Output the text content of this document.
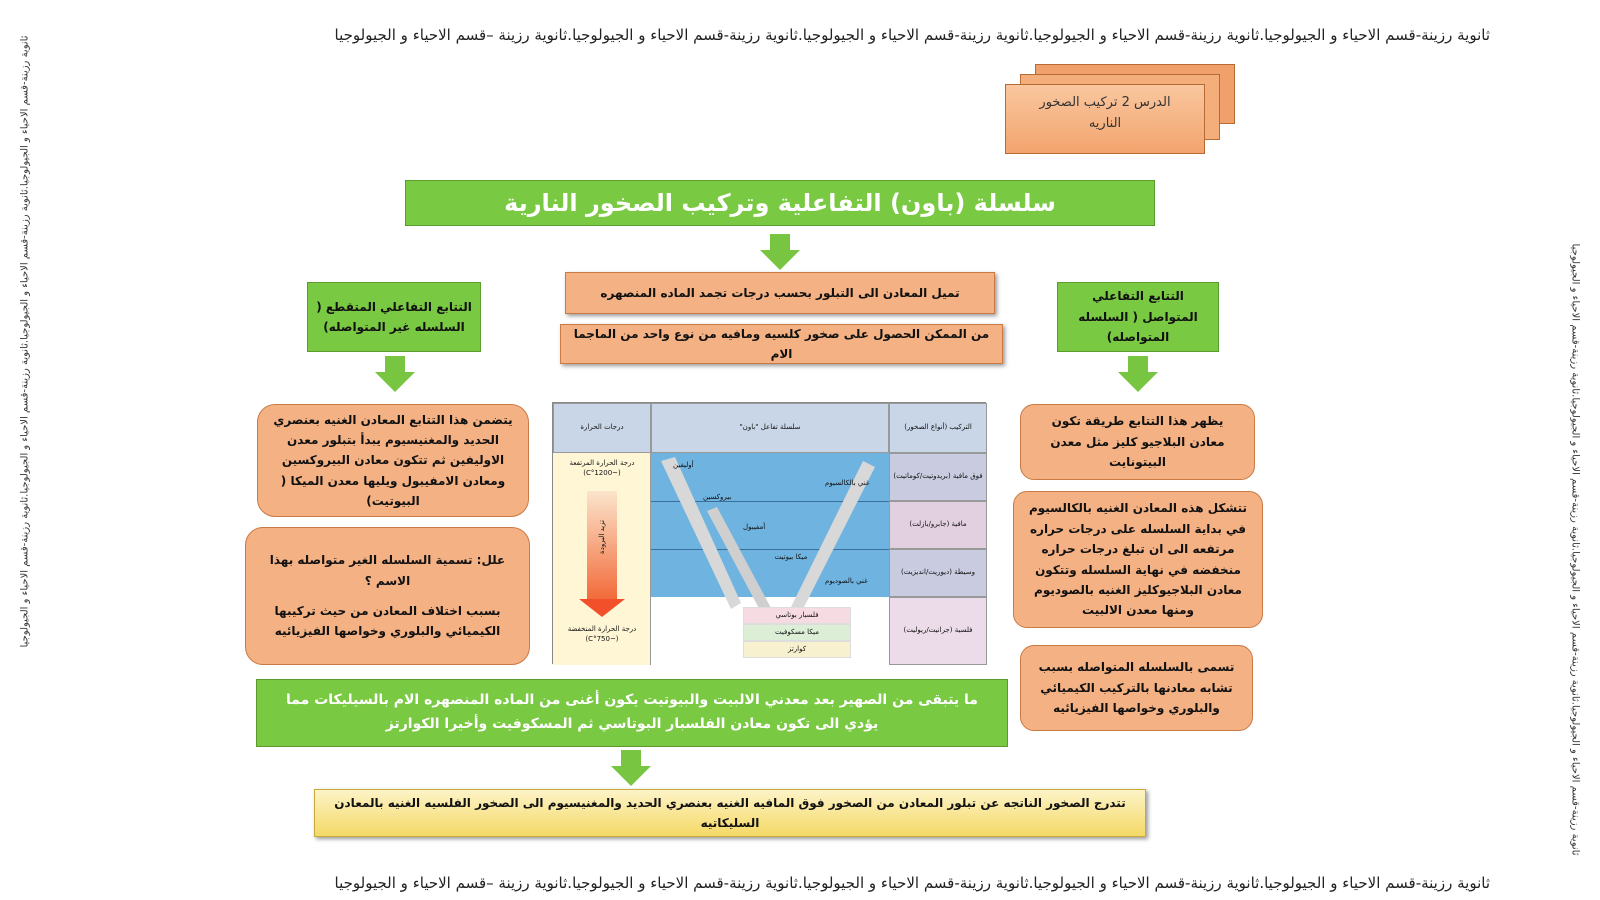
ثانوية رزينة-قسم الاحياء و الجيولوجيا.ثانوية رزينة-قسم الاحياء و الجيولوجيا.ثانوية رزينة-قسم الاحياء و الجيولوجيا.ثانوية رزينة-قسم الاحياء و الجيولوجيا.ثانوية رزينة –قسم الاحياء و الجيولوجيا
ثانوية رزينة-قسم الاحياء و الجيولوجيا.ثانوية رزينة-قسم الاحياء و الجيولوجيا.ثانوية رزينة-قسم الاحياء و الجيولوجيا.ثانوية رزينة-قسم الاحياء و الجيولوجيا.ثانوية رزينة –قسم الاحياء و الجيولوجيا
ثانوية رزينة-قسم الاحياء و الجيولوجيا.ثانوية رزينة-قسم الاحياء و الجيولوجيا.ثانوية رزينة-قسم الاحياء و الجيولوجيا.ثانوية رزينة-قسم الاحياء و الجيولوجيا	ثانوية رزينة-قسم الاحياء و الجيولوجيا.ثانوية رزينة-قسم الاحياء و الجيولوجيا.ثانوية رزينة-قسم الاحياء و الجيولوجيا.ثانوية رزينة-قسم الاحياء و الجيولوجيا
الدرس 2 تركيب الصخور
الناريه
سلسلة (باون) التفاعلية وتركيب الصخور النارية
تميل المعادن الى التبلور بحسب درجات تجمد الماده المنصهره
من الممكن الحصول على صخور كلسيه ومافيه من نوع واحد من الماجما الام
التتابع التفاعلي المتقطع ( السلسله غير المتواصله)
التتابع التفاعلي المتواصل ( السلسله المتواصله)
يتضمن هذا التتابع المعادن الغنيه بعنصري الحديد والمغنيسيوم يبدأ بتبلور معدن الاوليفين ثم تتكون معادن البيروكسين ومعادن الامفيبول ويليها معدن الميكا ( البيوتيت)
علل: تسمية السلسله الغير متواصله بهذا الاسم ؟
بسبب اختلاف المعادن من حيث تركيبها الكيميائي والبلوري وخواصها الفيزيائيه
يظهر هذا التتابع طريقة تكون معادن البلاجيو كليز مثل معدن البيتونايت
تتشكل هذه المعادن الغنيه بالكالسيوم في بداية السلسله على درجات حراره مرتفعه الى ان تبلغ درجات حراره منخفضه في نهاية السلسله وتتكون معادن البلاجيوكليز الغنيه بالصوديوم ومنها معدن الالبيت
تسمى بالسلسله المتواصله بسبب تشابه معادنها بالتركيب الكيميائي والبلوري وخواصها الفيزيائيه
التركيب (أنواع الصخور)
سلسلة تفاعل "باون"
درجات الحرارة
فوق مافية (بريدوتيت/كوماتيت)
مافية (جابرو/بازلت)
وسيطة (ديوريت/انديزيت)
فلسية (جرانيت/ريوليت)
أوليفين
بيروكسين
أمفيبول
ميكا بيوتيت
غني بالكالسيوم
غني بالصوديوم
فلسبار بوتاسي
ميكا مسكوفيت
كوارتز
درجة الحرارة المرتفعة (~1200°C)
تزيد البرودة
درجة الحرارة المنخفضة (~750°C)
ما يتبقى من الصهير بعد معدني الالبيت والبيوتيت يكون أغنى من الماده المنصهره الام بالسيليكات مما يؤدي الى تكون معادن الفلسبار البوتاسي ثم المسكوفيت وأخيرا الكوارتز
تتدرج الصخور الناتجه عن تبلور المعادن من الصخور فوق المافيه الغنيه بعنصري الحديد والمغنيسيوم الى الصخور الفلسيه الغنيه بالمعادن السليكاتيه
